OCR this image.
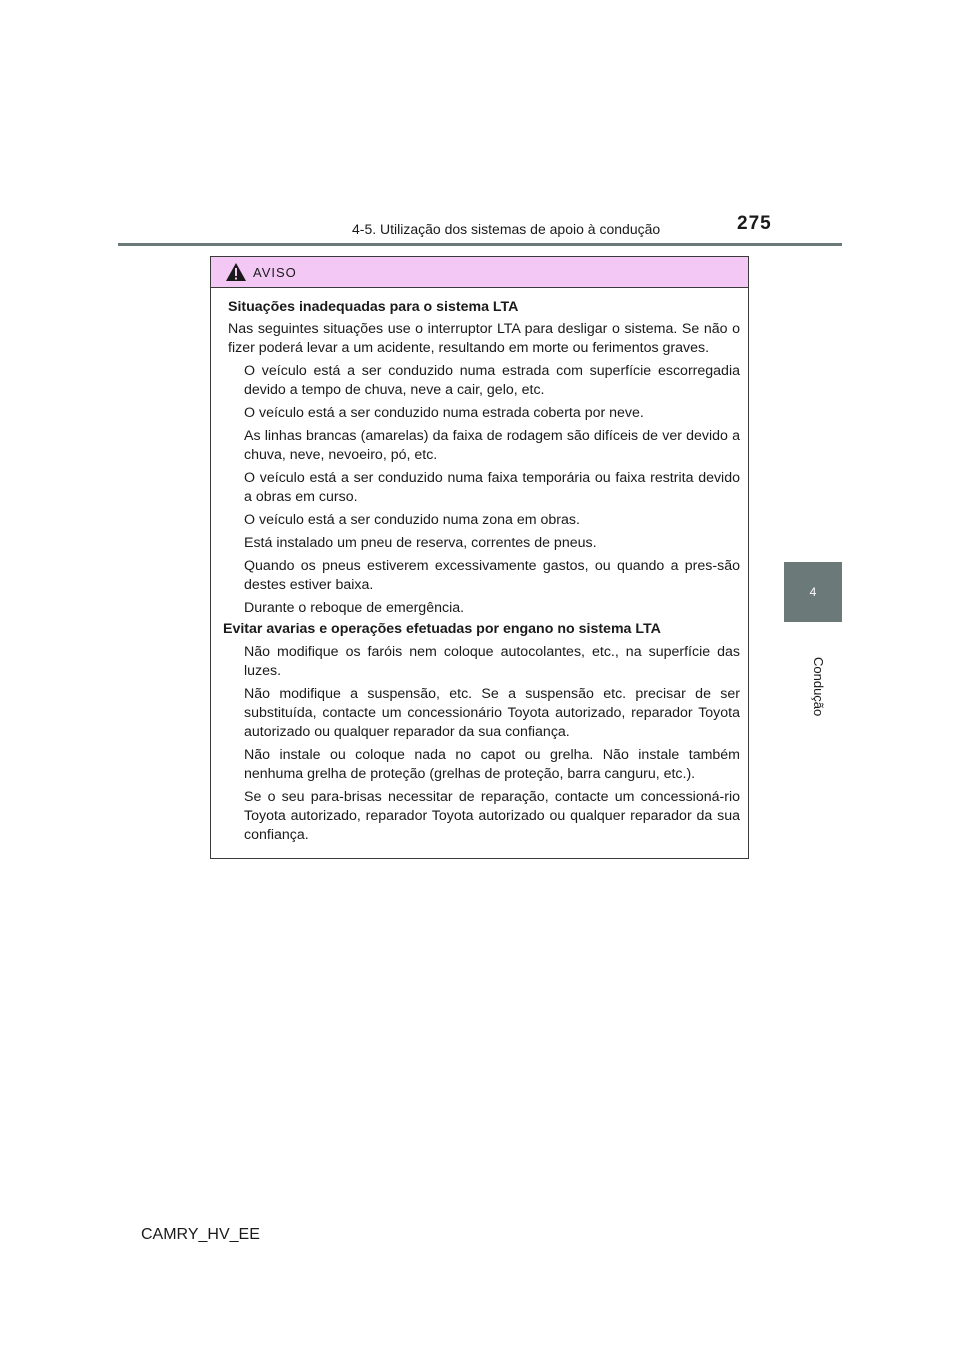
4-5. Utilização dos sistemas de apoio à condução	275
4
Condução
AVISO
Situações inadequadas para o sistema LTA
Nas seguintes situações use o interruptor LTA para desligar o sistema. Se não o fizer poderá levar a um acidente, resultando em morte ou ferimentos graves.
O veículo está a ser conduzido numa estrada com superfície escorregadia devido a tempo de chuva, neve a cair, gelo, etc.
O veículo está a ser conduzido numa estrada coberta por neve.
As linhas brancas (amarelas) da faixa de rodagem são difíceis de ver devido a chuva, neve, nevoeiro, pó, etc.
O veículo está a ser conduzido numa faixa temporária ou faixa restrita devido a obras em curso.
O veículo está a ser conduzido numa zona em obras.
Está instalado um pneu de reserva, correntes de pneus.
Quando os pneus estiverem excessivamente gastos, ou quando a pres-são destes estiver baixa.
Durante o reboque de emergência.
Evitar avarias e operações efetuadas por engano no sistema LTA
Não modifique os faróis nem coloque autocolantes, etc., na superfície das luzes.
Não modifique a suspensão, etc. Se a suspensão etc. precisar de ser substituída, contacte um concessionário Toyota autorizado, reparador Toyota autorizado ou qualquer reparador da sua confiança.
Não instale ou coloque nada no capot ou grelha. Não instale também nenhuma grelha de proteção (grelhas de proteção, barra canguru, etc.).
Se o seu para-brisas necessitar de reparação, contacte um concessioná-rio Toyota autorizado, reparador Toyota autorizado ou qualquer reparador da sua confiança.
CAMRY_HV_EE
